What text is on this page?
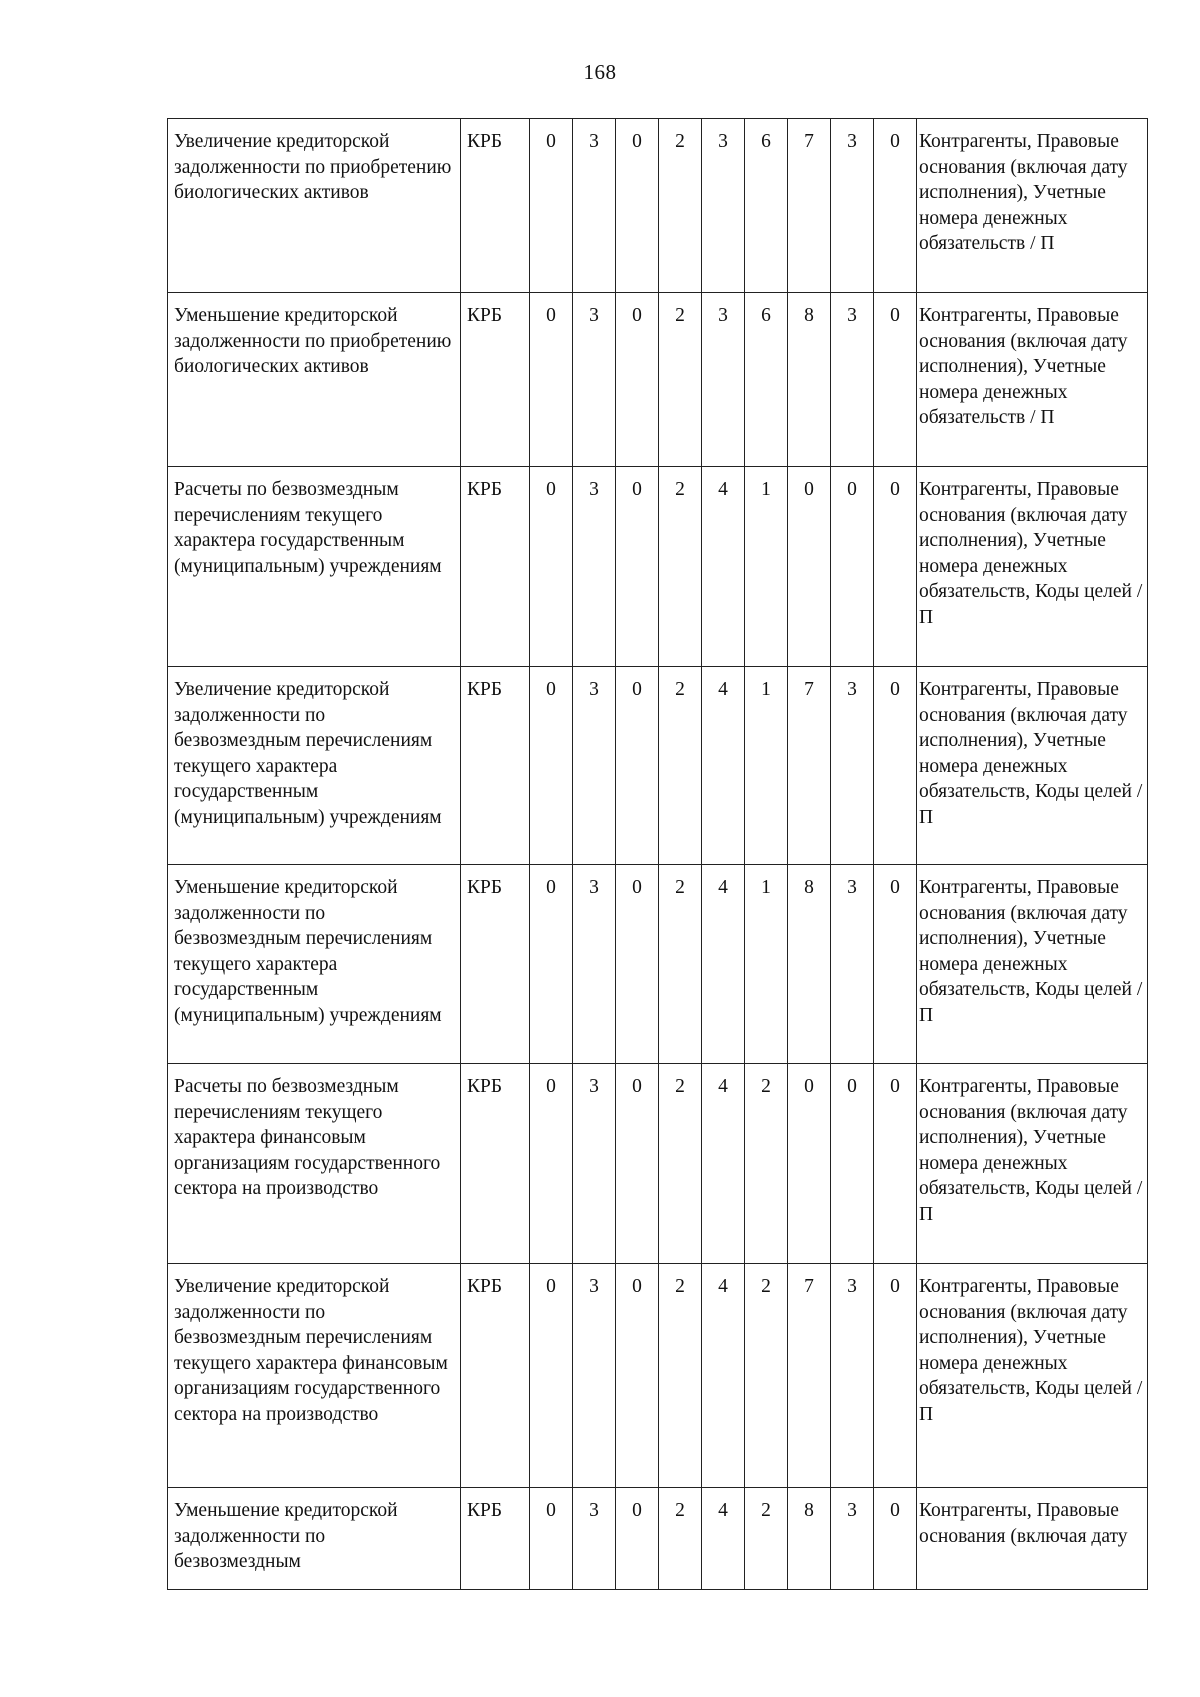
168
Увеличение кредиторской задолженности по приобретению биологических активов	КРБ	0	3	0	2	3	6	7	3	0	Контрагенты, Правовые основания (включая дату исполнения), Учетные номера денежных обязательств / П
Уменьшение кредиторской задолженности по приобретению биологических активов	КРБ	0	3	0	2	3	6	8	3	0	Контрагенты, Правовые основания (включая дату исполнения), Учетные номера денежных обязательств / П
Расчеты по безвозмездным перечислениям текущего характера государственным (муниципальным) учреждениям	КРБ	0	3	0	2	4	1	0	0	0	Контрагенты, Правовые основания (включая дату исполнения), Учетные номера денежных обязательств, Коды целей / П
Увеличение кредиторской задолженности по безвозмездным перечислениям текущего характера государственным (муниципальным) учреждениям	КРБ	0	3	0	2	4	1	7	3	0	Контрагенты, Правовые основания (включая дату исполнения), Учетные номера денежных обязательств, Коды целей / П
Уменьшение кредиторской задолженности по безвозмездным перечислениям текущего характера государственным (муниципальным) учреждениям	КРБ	0	3	0	2	4	1	8	3	0	Контрагенты, Правовые основания (включая дату исполнения), Учетные номера денежных обязательств, Коды целей / П
Расчеты по безвозмездным перечислениям текущего характера финансовым организациям государственного сектора на производство	КРБ	0	3	0	2	4	2	0	0	0	Контрагенты, Правовые основания (включая дату исполнения), Учетные номера денежных обязательств, Коды целей / П
Увеличение кредиторской задолженности по безвозмездным перечислениям текущего характера финансовым организациям государственного сектора на производство	КРБ	0	3	0	2	4	2	7	3	0	Контрагенты, Правовые основания (включая дату исполнения), Учетные номера денежных обязательств, Коды целей / П
Уменьшение кредиторской задолженности по безвозмездным	КРБ	0	3	0	2	4	2	8	3	0	Контрагенты, Правовые основания (включая дату
